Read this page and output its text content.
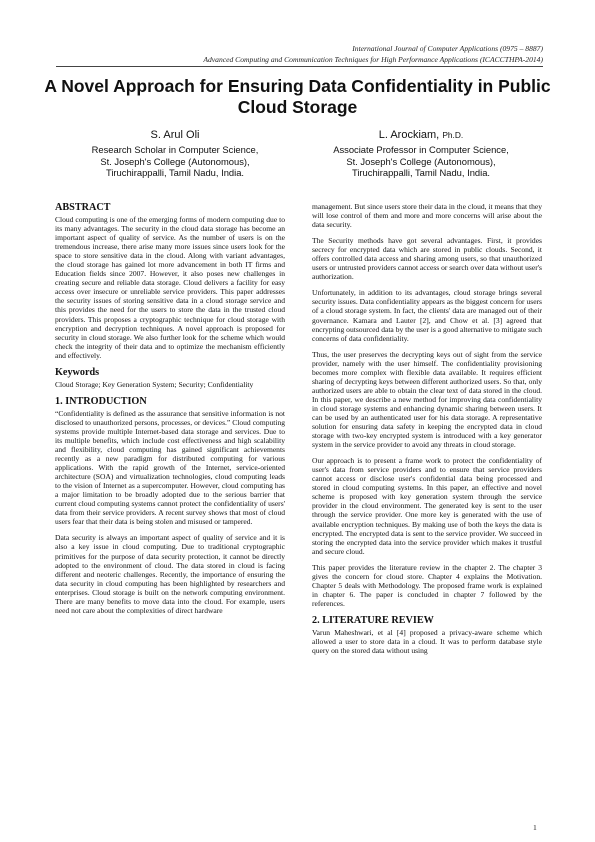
International Journal of Computer Applications (0975 – 8887)
Advanced Computing and Communication Techniques for High Performance Applications (ICACCTHPA-2014)
A Novel Approach for Ensuring Data Confidentiality in Public Cloud Storage
S. Arul Oli
Research Scholar in Computer Science,
St. Joseph's College (Autonomous),
Tiruchirappalli, Tamil Nadu, India.
L. Arockiam, Ph.D.
Associate Professor in Computer Science,
St. Joseph's College (Autonomous),
Tiruchirappalli, Tamil Nadu, India.
ABSTRACT

Cloud computing is one of the emerging forms of modern computing due to its many advantages. The security in the cloud data storage has become an important aspect of quality of service. As the number of users is on the tremendous increase, there arise many more issues since users look for the space to store sensitive data in the cloud. Along with variant advantages, the cloud storage has gained lot more advancement in both IT firms and Education fields since 2007. However, it also poses new challenges in creating secure and reliable data storage. Cloud delivers a facility for easy access over insecure or unreliable service providers. This paper addresses the security issues of storing sensitive data in a cloud storage service and this provides the need for the users to store the data in the trusted cloud providers. This proposes a cryptographic technique for cloud storage with encryption and decryption techniques. A novel approach is proposed for security in cloud storage. We also further look for the scheme which would check the integrity of their data and to optimize the mechanism efficiently and effectively.

Keywords

Cloud Storage; Key Generation System; Security; Confidentiality

1. INTRODUCTION

“Confidentiality is defined as the assurance that sensitive information is not disclosed to unauthorized persons, processes, or devices.” Cloud computing systems provide multiple Internet-based data storage and services. Due to its multiple benefits, which include cost effectiveness and high scalability and flexibility, cloud computing has gained significant achievements recently as a new paradigm for distributed computing for various applications. With the rapid growth of the Internet, service-oriented architecture (SOA) and virtualization technologies, cloud computing leads to the vision of Internet as a supercomputer. However, cloud computing has a major limitation to be broadly adopted due to the serious barrier that current cloud computing systems cannot protect the confidentiality of users' data from their service providers. A recent survey shows that most of cloud users fear that their data is being stolen and misused or tampered.

Data security is always an important aspect of quality of service and it is also a key issue in cloud computing. Due to traditional cryptographic primitives for the purpose of data security protection, it cannot be directly adopted to the environment of cloud. The data stored in cloud is facing different and neoteric challenges. Recently, the importance of ensuring the data security in cloud computing has been highlighted by researchers and enterprises. Cloud storage is built on the network computing environment. There are many benefits to move data into the cloud. For example, users need not care about the complexities of direct hardware

management. But since users store their data in the cloud, it means that they will lose control of them and more and more concerns will arise about the data security.

The Security methods have got several advantages. First, it provides secrecy for encrypted data which are stored in public clouds. Second, it offers controlled data access and sharing among users, so that unauthorized users or untrusted providers cannot access or search over data without user's authorization.

Unfortunately, in addition to its advantages, cloud storage brings several security issues. Data confidentiality appears as the biggest concern for users of a cloud storage system. In fact, the clients' data are managed out of their governance. Kamara and Lauter [2], and Chow et al. [3] agreed that encrypting outsourced data by the user is a good alternative to mitigate such concerns of data confidentiality.

Thus, the user preserves the decrypting keys out of sight from the service provider, namely with the user himself. The confidentiality provisioning becomes more complex with flexible data available. It requires efficient sharing of decrypting keys between different authorized users. So that, only authorized users are able to obtain the clear text of data stored in the cloud. In this paper, we describe a new method for improving data confidentiality in cloud storage systems and enhancing dynamic sharing between users. It can be used by an authenticated user for his data storage. A representative solution for ensuring data safety in keeping the encrypted data in cloud storage with two-key encrypted system is introduced with a key generator system in the service provider to avoid any threats in cloud storage.

Our approach is to present a frame work to protect the confidentiality of user's data from service providers and to ensure that service providers cannot access or disclose user's confidential data being processed and stored in cloud computing systems. In this paper, an effective and novel scheme is proposed with key generation system through the service provider in the cloud environment. The generated key is sent to the user through the service provider. One more key is generated with the use of available encryption techniques. By making use of both the keys the data is encrypted. The encrypted data is sent to the service provider. We succeed in storing the encrypted data into the service provider which makes it trustful and secure cloud.

This paper provides the literature review in the chapter 2. The chapter 3 gives the concern for cloud store. Chapter 4 explains the Motivation. Chapter 5 deals with Methodology. The proposed frame work is explained in chapter 6. The paper is concluded in chapter 7 followed by the references.

2. LITERATURE REVIEW

Varun Maheshwari, et al [4] proposed a privacy-aware scheme which allowed a user to store data in a cloud. It was to perform database style query on the stored data without using

1
